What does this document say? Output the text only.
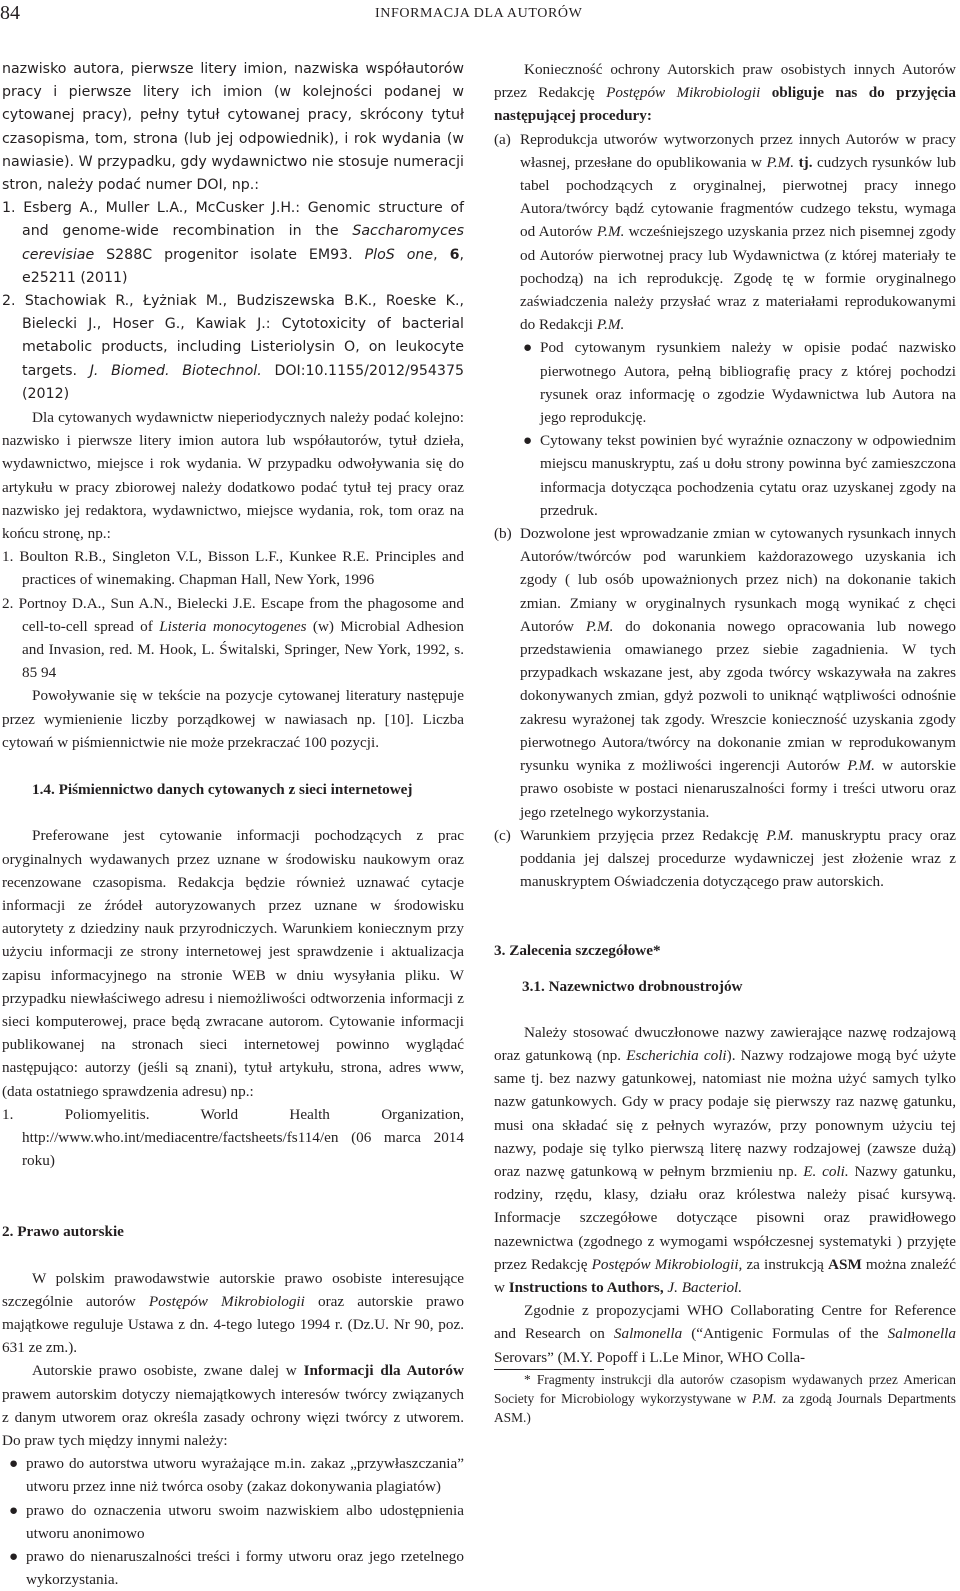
84	INFORMACJA DLA AUTORÓW

nazwisko autora, pierwsze litery imion, nazwiska współautorów pracy i pierwsze litery ich imion (w kolejności podanej w cytowanej pracy), pełny tytuł cytowanej pracy, skrócony tytuł czasopisma, tom, strona (lub jej odpowiednik), i rok wydania (w nawiasie). W przypadku, gdy wydawnictwo nie stosuje numeracji stron, należy podać numer DOI, np.:

1. Esberg A., Muller L.A., McCusker J.H.: Genomic structure of and genome-wide recombination in the Saccharomyces cerevisiae S288C progenitor isolate EM93. PloS one, 6, e25211 (2011)
2. Stachowiak R., Łyżniak M., Budziszewska B.K., Roeske K., Bielecki J., Hoser G., Kawiak J.: Cytotoxicity of bacterial metabolic products, including Listeriolysin O, on leukocyte targets. J. Biomed. Biotechnol. DOI:10.1155/2012/954375 (2012)

Dla cytowanych wydawnictw nieperiodycznych należy podać kolejno: nazwisko i pierwsze litery imion autora lub współautorów, tytuł dzieła, wydawnictwo, miejsce i rok wydania. W przypadku odwoływania się do artykułu w pracy zbiorowej należy dodatkowo podać tytuł tej pracy oraz nazwisko jej redaktora, wydawnictwo, miejsce wydania, rok, tom oraz na końcu stronę, np.:

1. Boulton R.B., Singleton V.L, Bisson L.F., Kunkee R.E. Principles and practices of winemaking. Chapman Hall, New York, 1996
2. Portnoy D.A., Sun A.N., Bielecki J.E. Escape from the phagosome and cell-to-cell spread of Listeria monocytogenes (w) Microbial Adhesion and Invasion, red. M. Hook, L. Świtalski, Springer, New York, 1992, s. 85 94

Powoływanie się w tekście na pozycje cytowanej literatury następuje przez wymienienie liczby porządkowej w nawiasach np. [10]. Liczba cytowań w piśmiennictwie nie może przekraczać 100 pozycji.

1.4. Piśmiennictwo danych cytowanych z sieci internetowej

Preferowane jest cytowanie informacji pochodzących z prac oryginalnych wydawanych przez uznane w środowisku naukowym oraz recenzowane czasopisma. Redakcja będzie również uznawać cytacje informacji ze źródeł autoryzowanych przez uznane w środowisku autorytety z dziedziny nauk przyrodniczych. Warunkiem koniecznym przy użyciu informacji ze strony internetowej jest sprawdzenie i aktualizacja zapisu informacyjnego na stronie WEB w dniu wysyłania pliku. W przypadku niewłaściwego adresu i niemożliwości odtworzenia informacji z sieci komputerowej, prace będą zwracane autorom. Cytowanie informacji publikowanej na stronach sieci internetowej powinno wyglądać następująco: autorzy (jeśli są znani), tytuł artykułu, strona, adres www, (data ostatniego sprawdzenia adresu) np.:

1. Poliomyelitis. World Health Organization, http://www.who.int/mediacentre/factsheets/fs114/en (06 marca 2014 roku)

2. Prawo autorskie

W polskim prawodawstwie autorskie prawo osobiste interesujące szczególnie autorów Postępów Mikrobiologii oraz autorskie prawo majątkowe reguluje Ustawa z dn. 4-tego lutego 1994 r. (Dz.U. Nr 90, poz. 631 ze zm.).

Autorskie prawo osobiste, zwane dalej w Informacji dla Autorów prawem autorskim dotyczy niemajątkowych interesów twórcy związanych z danym utworem oraz określa zasady ochrony więzi twórcy z utworem. Do praw tych między innymi należy:

● prawo do autorstwa utworu wyrażające m.in. zakaz „przywłaszczania” utworu przez inne niż twórca osoby (zakaz dokonywania plagiatów)
● prawo do oznaczenia utworu swoim nazwiskiem albo udostępnienia utworu anonimowo
● prawo do nienaruszalności treści i formy utworu oraz jego rzetelnego wykorzystania.

Konieczność ochrony Autorskich praw osobistych innych Autorów przez Redakcję Postępów Mikrobiologii obliguje nas do przyjęcia następującej procedury:

(a) Reprodukcja utworów wytworzonych przez innych Autorów w pracy własnej, przesłane do opublikowania w P.M. tj. cudzych rysunków lub tabel pochodzących z oryginalnej, pierwotnej pracy innego Autora/twórcy bądź cytowanie fragmentów cudzego tekstu, wymaga od Autorów P.M. wcześniejszego uzyskania przez nich pisemnej zgody od Autorów pierwotnej pracy lub Wydawnictwa (z której materiały te pochodzą) na ich reprodukcję. Zgodę tę w formie oryginalnego zaświadczenia należy przysłać wraz z materiałami reprodukowanymi do Redakcji P.M.
● Pod cytowanym rysunkiem należy w opisie podać nazwisko pierwotnego Autora, pełną bibliografię pracy z której pochodzi rysunek oraz informację o zgodzie Wydawnictwa lub Autora na jego reprodukcję.
● Cytowany tekst powinien być wyraźnie oznaczony w odpowiednim miejscu manuskryptu, zaś u dołu strony powinna być zamieszczona informacja dotycząca pochodzenia cytatu oraz uzyskanej zgody na przedruk.
(b) Dozwolone jest wprowadzanie zmian w cytowanych rysunkach innych Autorów/twórców pod warunkiem każdorazowego uzyskania ich zgody ( lub osób upoważnionych przez nich) na dokonanie takich zmian. Zmiany w oryginalnych rysunkach mogą wynikać z chęci Autorów P.M. do dokonania nowego opracowania lub nowego przedstawienia omawianego przez siebie zagadnienia. W tych przypadkach wskazane jest, aby zgoda twórcy wskazywała na zakres dokonywanych zmian, gdyż pozwoli to uniknąć wątpliwości odnośnie zakresu wyrażonej tak zgody. Wreszcie konieczność uzyskania zgody pierwotnego Autora/twórcy na dokonanie zmian w reprodukowanym rysunku wynika z możliwości ingerencji Autorów P.M. w autorskie prawo osobiste w postaci nienaruszalności formy i treści utworu oraz jego rzetelnego wykorzystania.
(c) Warunkiem przyjęcia przez Redakcję P.M. manuskryptu pracy oraz poddania jej dalszej procedurze wydawniczej jest złożenie wraz z manuskryptem Oświadczenia dotyczącego praw autorskich.

3. Zalecenia szczegółowe*

3.1. Nazewnictwo drobnoustrojów

Należy stosować dwuczłonowe nazwy zawierające nazwę rodzajową oraz gatunkową (np. Escherichia coli). Nazwy rodzajowe mogą być użyte same tj. bez nazwy gatunkowej, natomiast nie można użyć samych tylko nazw gatunkowych. Gdy w pracy podaje się pierwszy raz nazwę gatunku, musi ona składać się z pełnych wyrazów, przy ponownym użyciu tej nazwy, podaje się tylko pierwszą literę nazwy rodzajowej (zawsze dużą) oraz nazwę gatunkową w pełnym brzmieniu np. E. coli. Nazwy gatunku, rodziny, rzędu, klasy, działu oraz królestwa należy pisać kursywą. Informacje szczegółowe dotyczące pisowni oraz prawidłowego nazewnictwa (zgodnego z wymogami współczesnej systematyki ) przyjęte przez Redakcję Postępów Mikrobiologii, za instrukcją ASM można znaleźć w Instructions to Authors, J. Bacteriol.

Zgodnie z propozycjami WHO Collaborating Centre for Reference and Research on Salmonella (“Antigenic Formulas of the Salmonella Serovars” (M.Y. Popoff i L.Le Minor, WHO Colla-

* Fragmenty instrukcji dla autorów czasopism wydawanych przez American Society for Microbiology wykorzystywane w P.M. za zgodą Journals Departments ASM.)
